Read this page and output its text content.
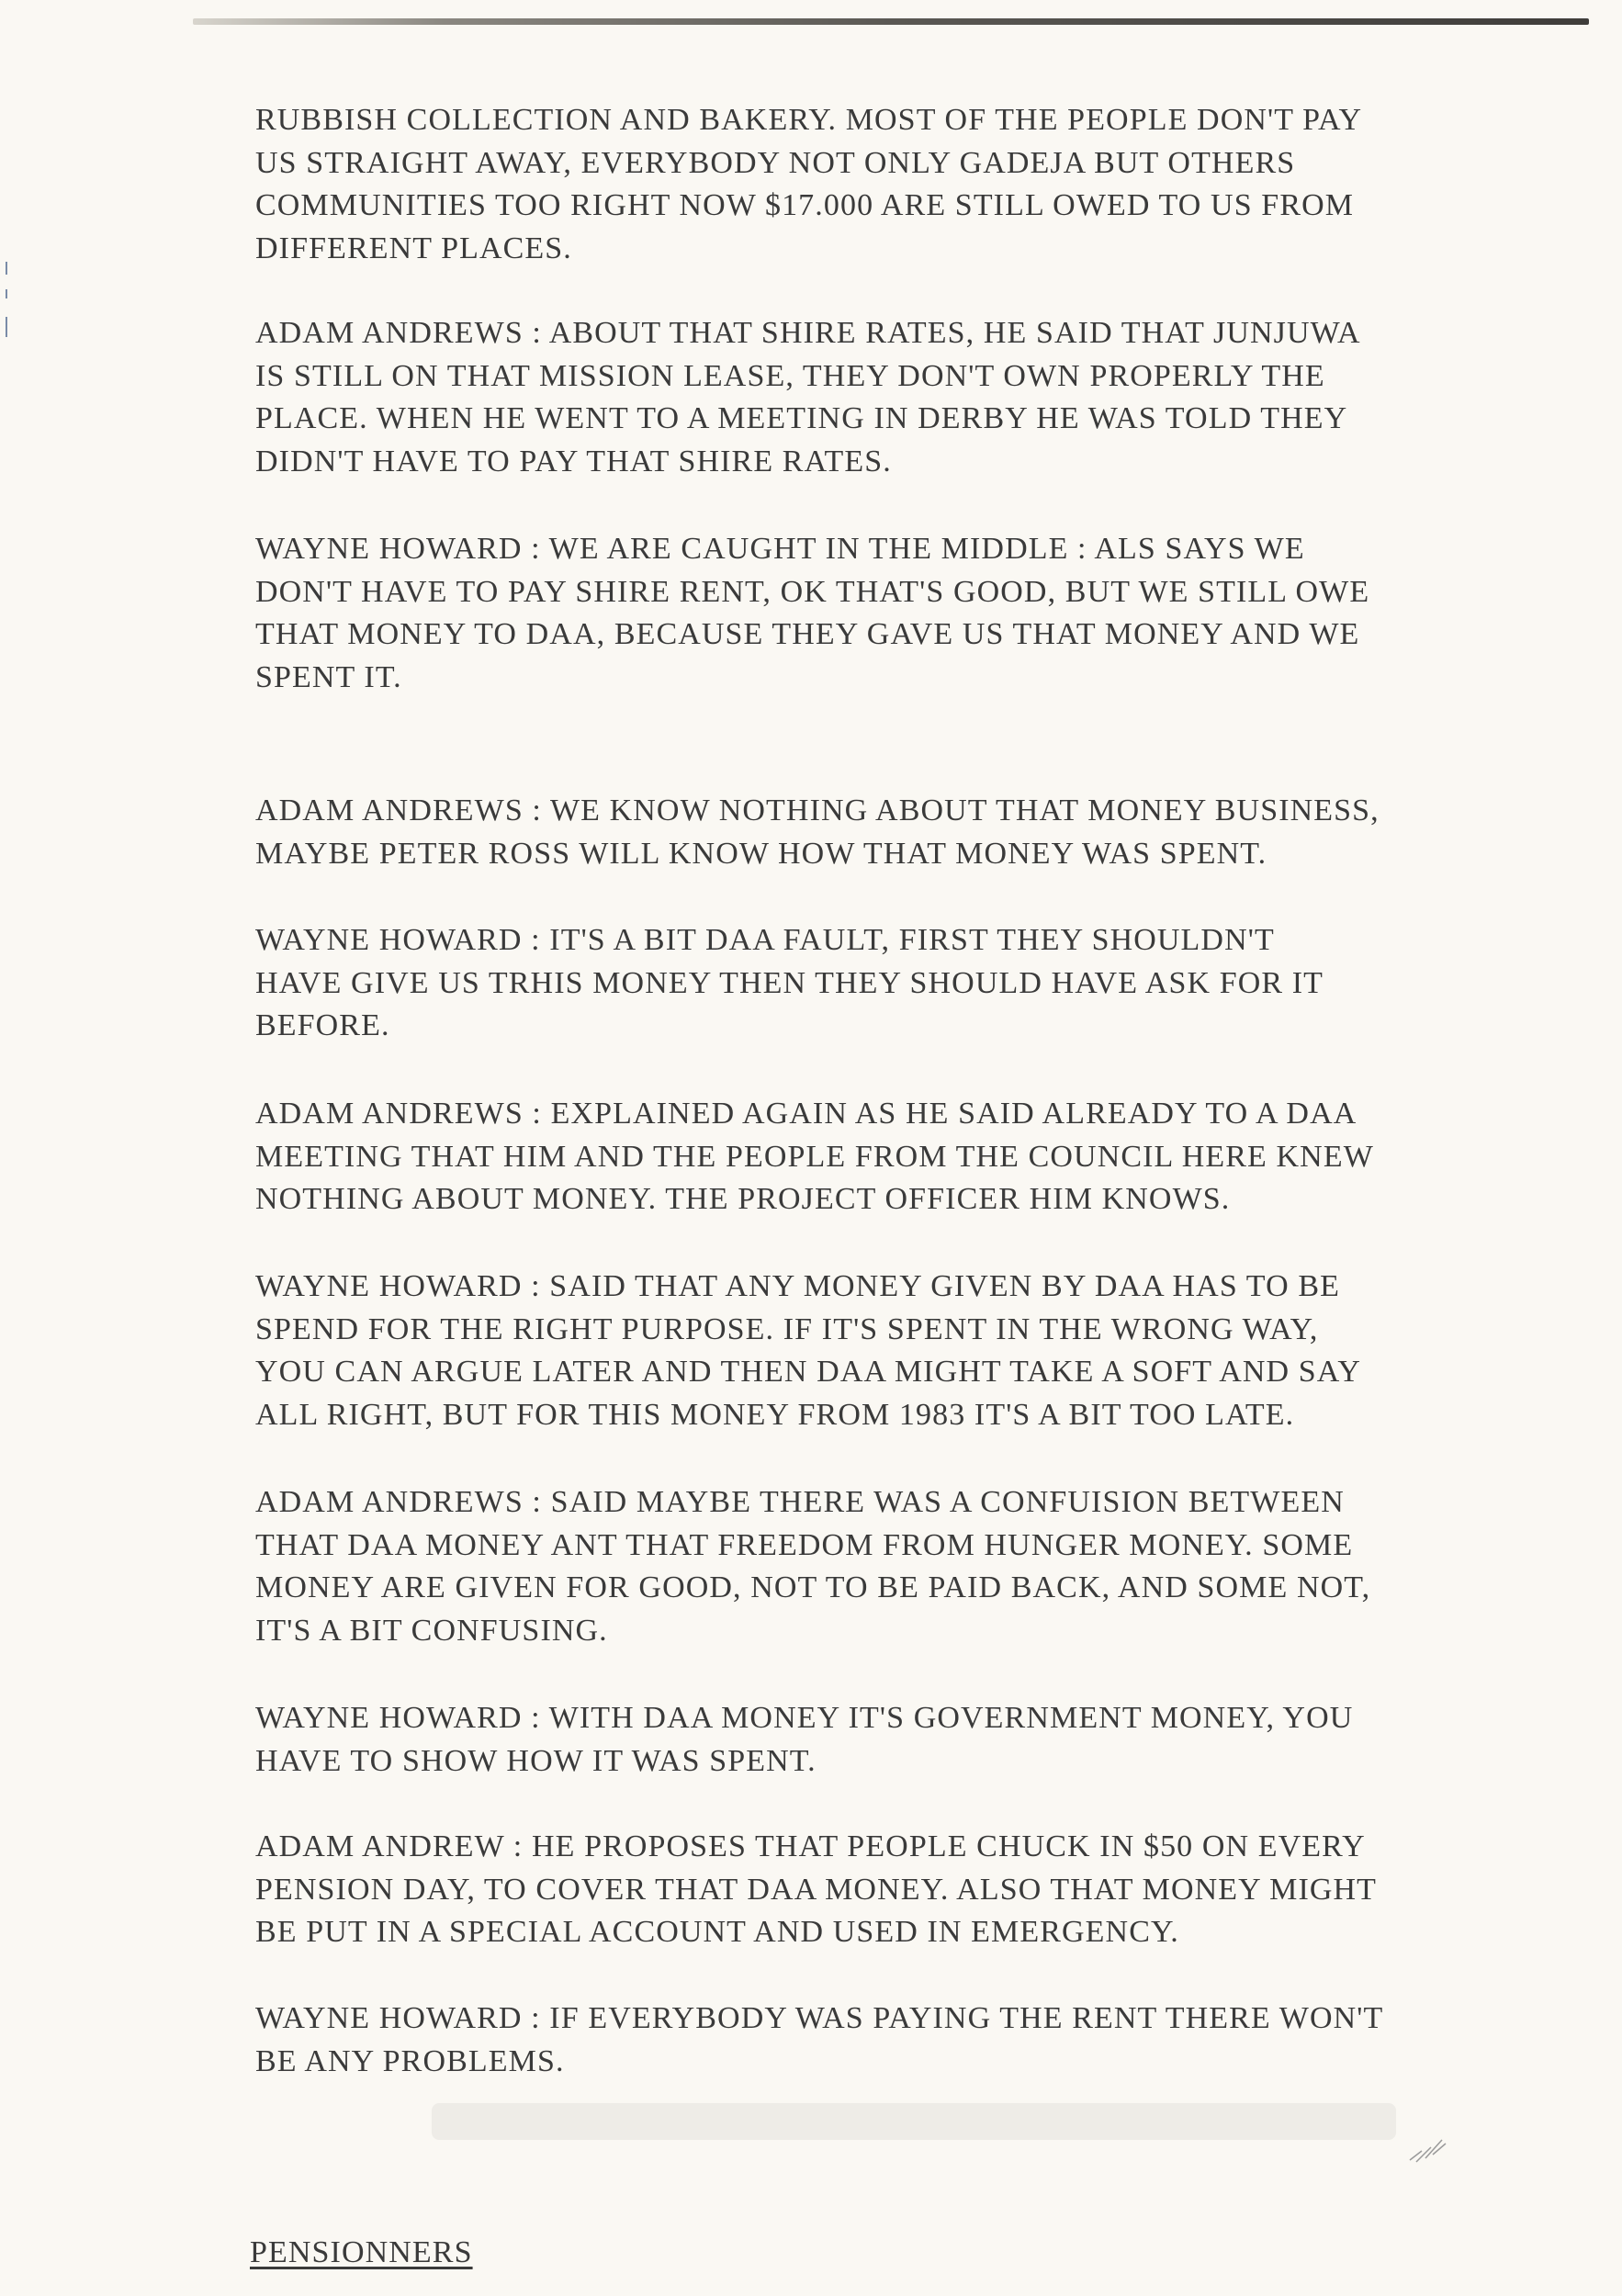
RUBBISH COLLECTION AND BAKERY. MOST OF THE PEOPLE DON'T PAY
US STRAIGHT AWAY, EVERYBODY NOT ONLY GADEJA BUT OTHERS
COMMUNITIES TOO RIGHT NOW $17.000 ARE STILL OWED TO US FROM
DIFFERENT PLACES.

ADAM ANDREWS : ABOUT THAT SHIRE RATES, HE SAID THAT JUNJUWA
IS STILL ON THAT MISSION LEASE, THEY DON'T OWN PROPERLY THE
PLACE. WHEN HE WENT TO A MEETING IN DERBY HE WAS TOLD THEY
DIDN'T HAVE TO PAY THAT SHIRE RATES.

WAYNE HOWARD : WE ARE CAUGHT IN THE MIDDLE : ALS SAYS WE
DON'T HAVE TO PAY SHIRE RENT, OK THAT'S GOOD, BUT WE STILL OWE
THAT MONEY TO DAA, BECAUSE THEY GAVE US THAT MONEY AND WE
SPENT IT.

ADAM ANDREWS : WE KNOW NOTHING ABOUT THAT MONEY BUSINESS,
MAYBE PETER ROSS WILL KNOW HOW THAT MONEY WAS SPENT.

WAYNE HOWARD : IT'S A BIT DAA FAULT, FIRST THEY SHOULDN'T
HAVE GIVE US TRHIS MONEY THEN THEY SHOULD HAVE ASK FOR IT
BEFORE.

ADAM ANDREWS : EXPLAINED AGAIN AS HE SAID ALREADY TO A DAA
MEETING THAT HIM AND THE PEOPLE FROM THE COUNCIL HERE KNEW
NOTHING ABOUT MONEY. THE PROJECT OFFICER HIM KNOWS.

WAYNE HOWARD : SAID THAT ANY MONEY GIVEN BY DAA HAS TO BE
SPEND FOR THE RIGHT PURPOSE. IF IT'S SPENT IN THE WRONG WAY,
YOU CAN ARGUE LATER AND THEN DAA MIGHT TAKE A SOFT AND SAY
ALL RIGHT, BUT FOR THIS MONEY FROM 1983 IT'S A BIT TOO LATE.

ADAM ANDREWS : SAID MAYBE THERE WAS A CONFUISION BETWEEN
THAT DAA MONEY ANT THAT FREEDOM FROM HUNGER MONEY. SOME
MONEY ARE GIVEN FOR GOOD, NOT TO BE PAID BACK, AND SOME NOT,
IT'S A BIT CONFUSING.

WAYNE HOWARD : WITH DAA MONEY IT'S GOVERNMENT MONEY, YOU
HAVE TO SHOW HOW IT WAS SPENT.

ADAM ANDREW : HE PROPOSES THAT PEOPLE CHUCK IN $50 ON EVERY
PENSION DAY, TO COVER THAT DAA MONEY. ALSO THAT MONEY MIGHT
BE PUT IN A SPECIAL ACCOUNT AND USED IN EMERGENCY.

WAYNE HOWARD : IF EVERYBODY WAS PAYING THE RENT THERE WON'T
BE ANY PROBLEMS.

PENSIONNERS
